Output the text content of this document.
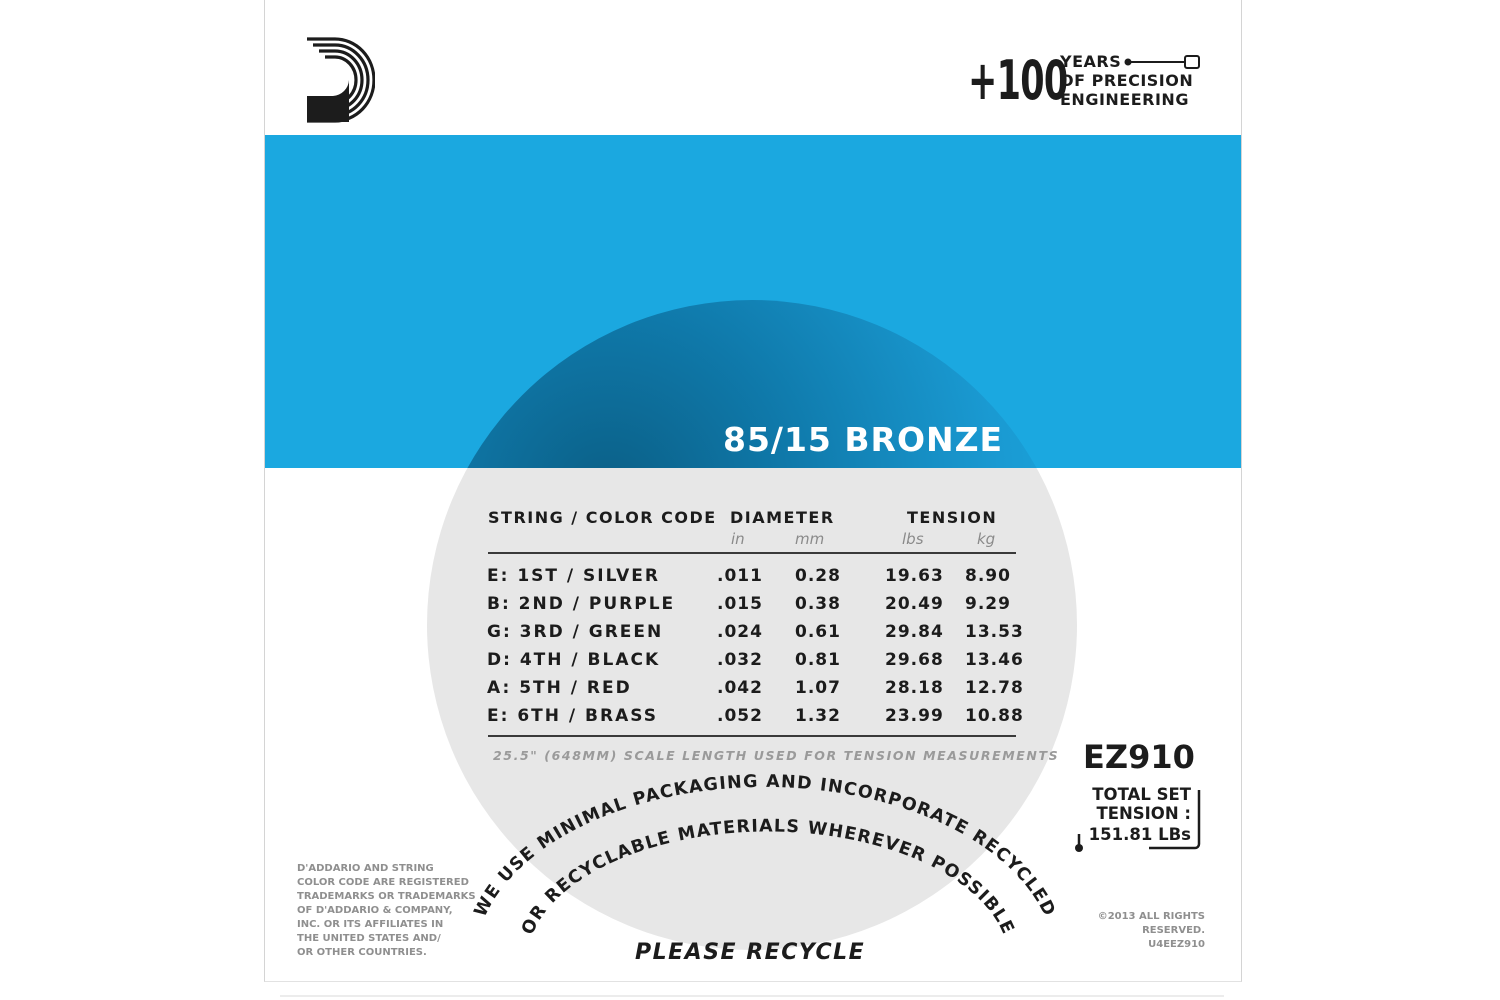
85/15 BRONZE
+100

YEARS

OF PRECISION

ENGINEERING

STRING / COLOR CODE DIAMETER	TENSION

in	mm	lbs	kg

E: 1ST / SILVER	.011 0.28	19.63 8.90
B: 2ND / PURPLE .015 0.38	20.49 9.29
G: 3RD / GREEN	.024 0.61	29.84 13.53
D: 4TH / BLACK	.032 0.81	29.68 13.46
A: 5TH / RED	.042 1.07	28.18 12.78
E: 6TH / BRASS	.052 1.32	23.99 10.88

25.5" (648MM) SCALE LENGTH USED FOR TENSION MEASUREMENTS EZ910

TOTAL SET

TENSION :

151.81 LBs

WE USE MINIMAL PACKAGING AND INCORPORATE RECYCLED
OR RECYCLABLE MATERIALS WHEREVER POSSIBLE

PLEASE RECYCLE

D'ADDARIO AND STRING
COLOR CODE ARE REGISTERED
TRADEMARKS OR TRADEMARKS
OF D'ADDARIO & COMPANY,
INC. OR ITS AFFILIATES IN
THE UNITED STATES AND/
OR OTHER COUNTRIES.
©2013 ALL RIGHTS
RESERVED.
U4EEZ910
